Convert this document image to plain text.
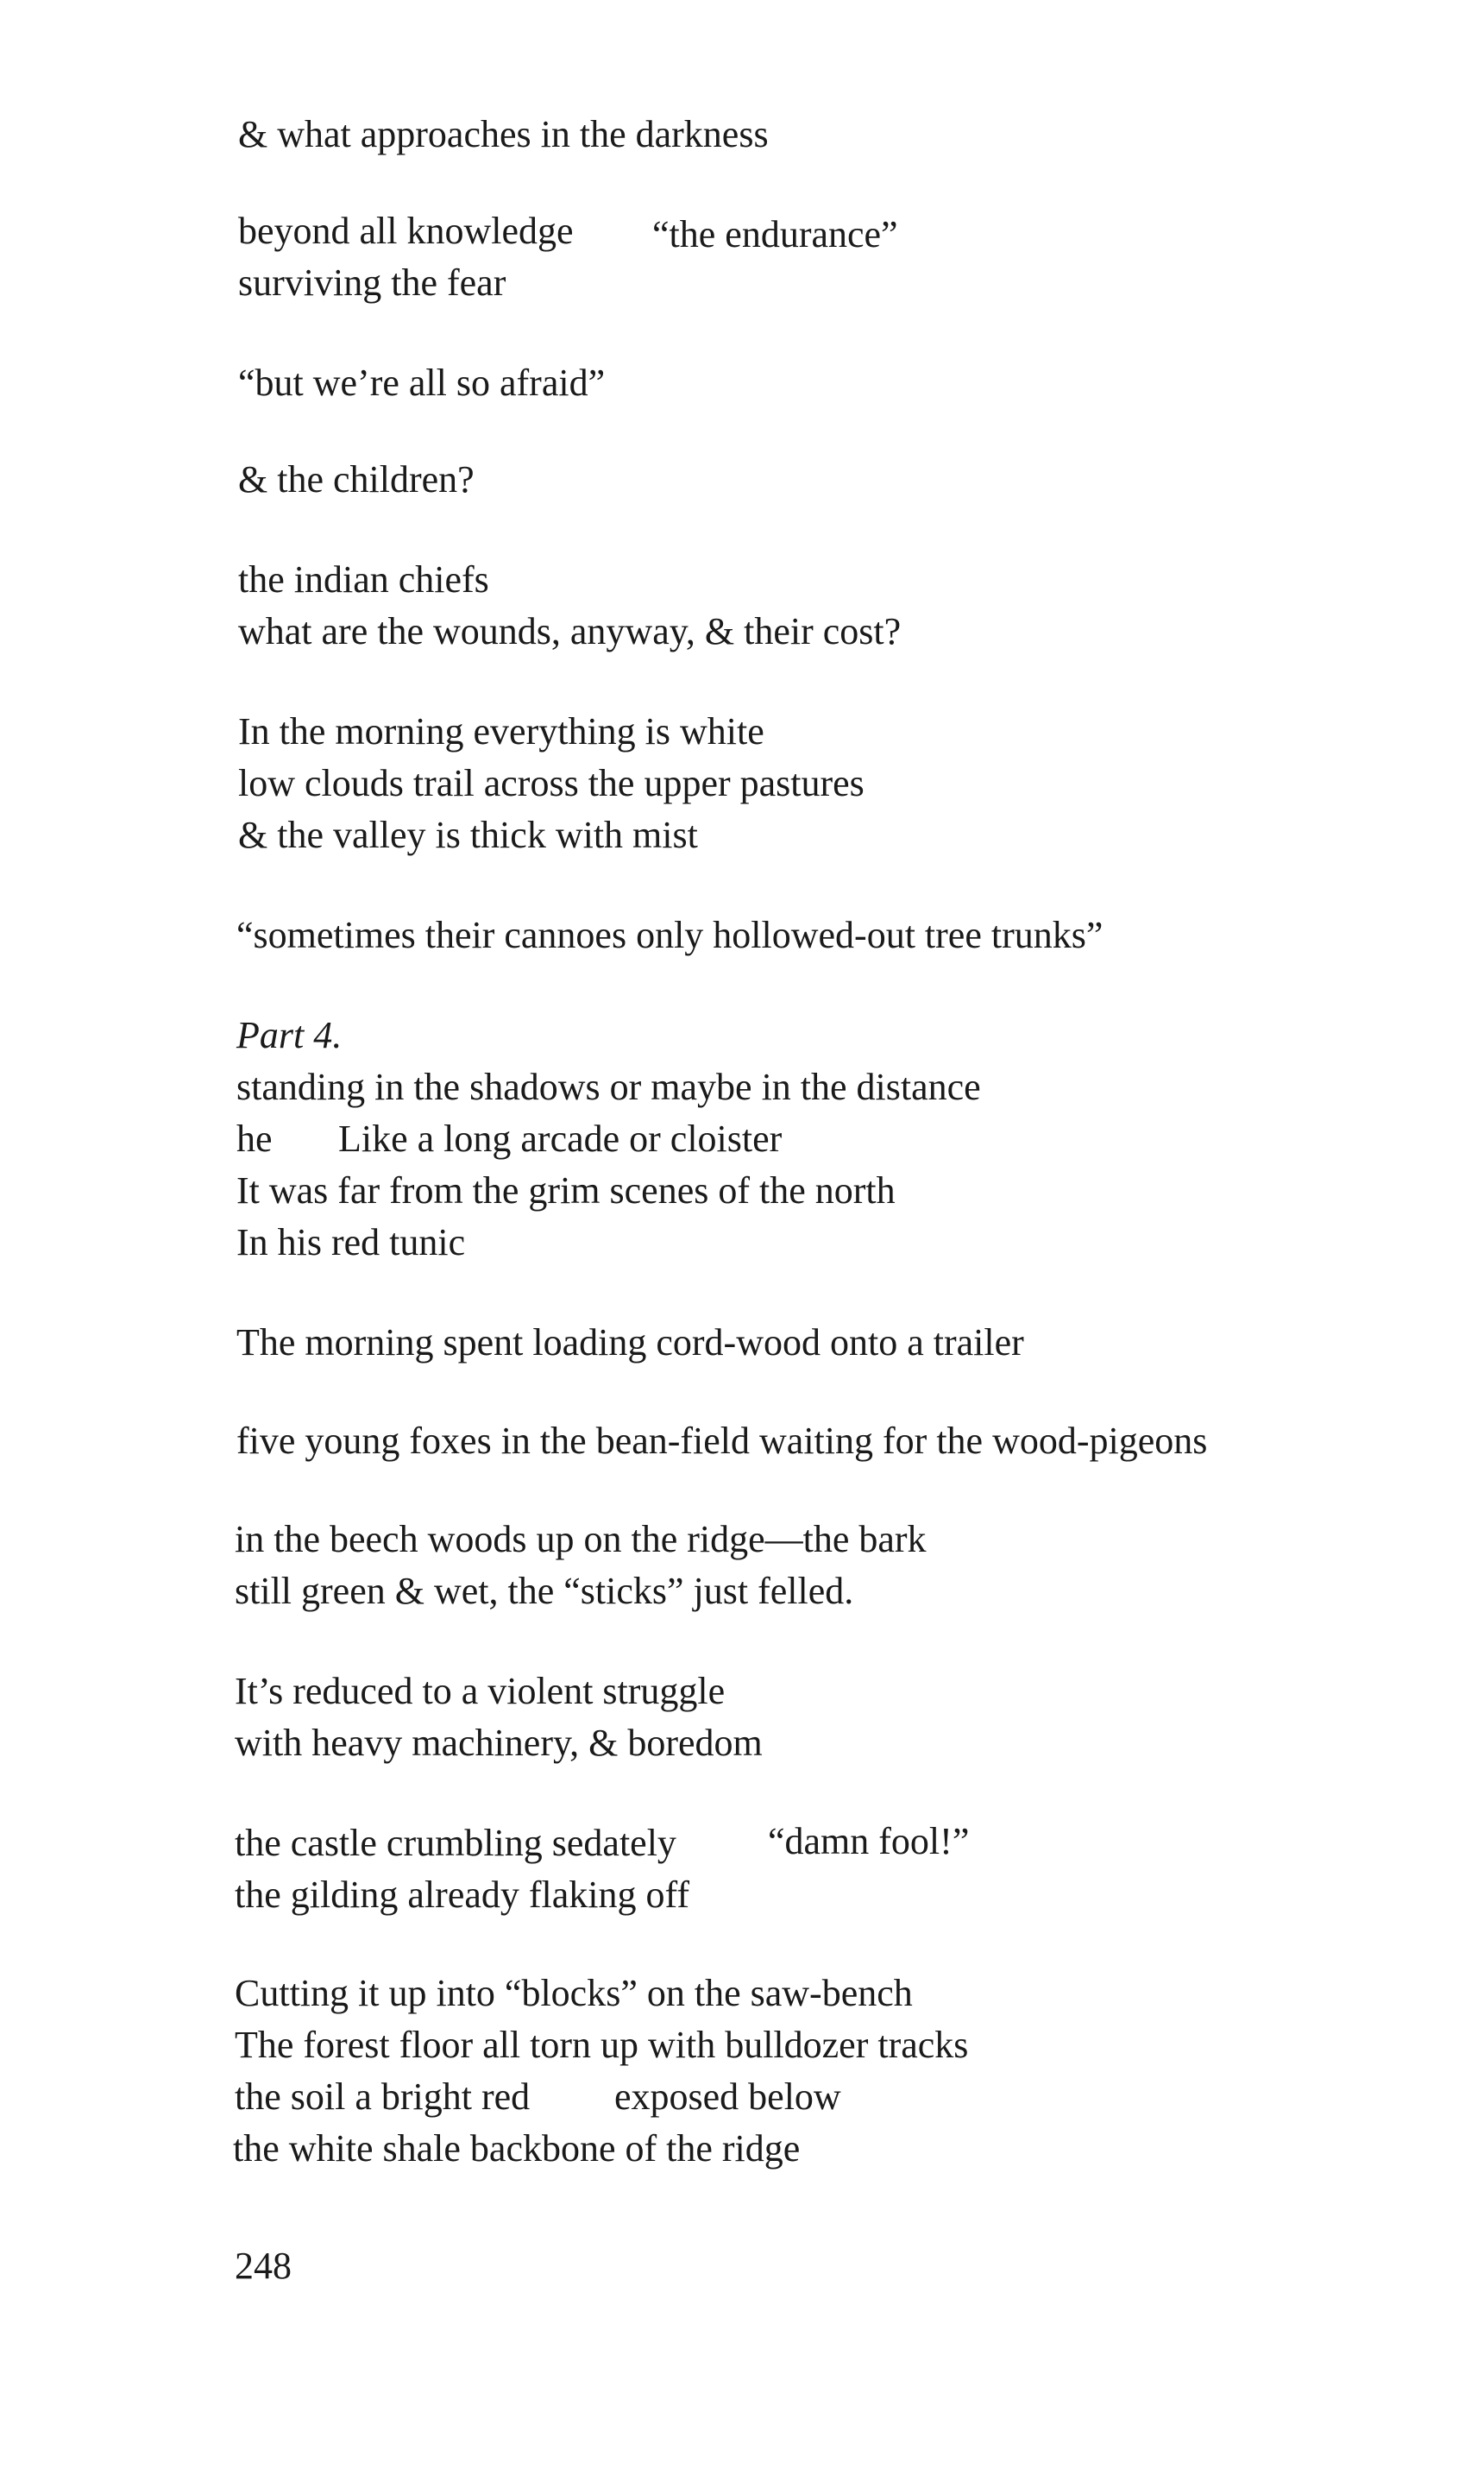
& what approaches in the darkness
beyond all knowledge “the endurance”
surviving the fear
“but we’re all so afraid”
& the children?
the indian chiefs
what are the wounds, anyway, & their cost?
In the morning everything is white
low clouds trail across the upper pastures
& the valley is thick with mist
“sometimes their cannoes only hollowed-out tree trunks”
Part 4.
standing in the shadows or maybe in the distance
he Like a long arcade or cloister
It was far from the grim scenes of the north
In his red tunic
The morning spent loading cord-wood onto a trailer
five young foxes in the bean-field waiting for the wood-pigeons
in the beech woods up on the ridge—the bark
still green & wet, the “sticks” just felled.
It’s reduced to a violent struggle
with heavy machinery, & boredom
the castle crumbling sedately “damn fool!”
the gilding already flaking off
Cutting it up into “blocks” on the saw-bench
The forest floor all torn up with bulldozer tracks
the soil a bright red exposed below
the white shale backbone of the ridge
248
